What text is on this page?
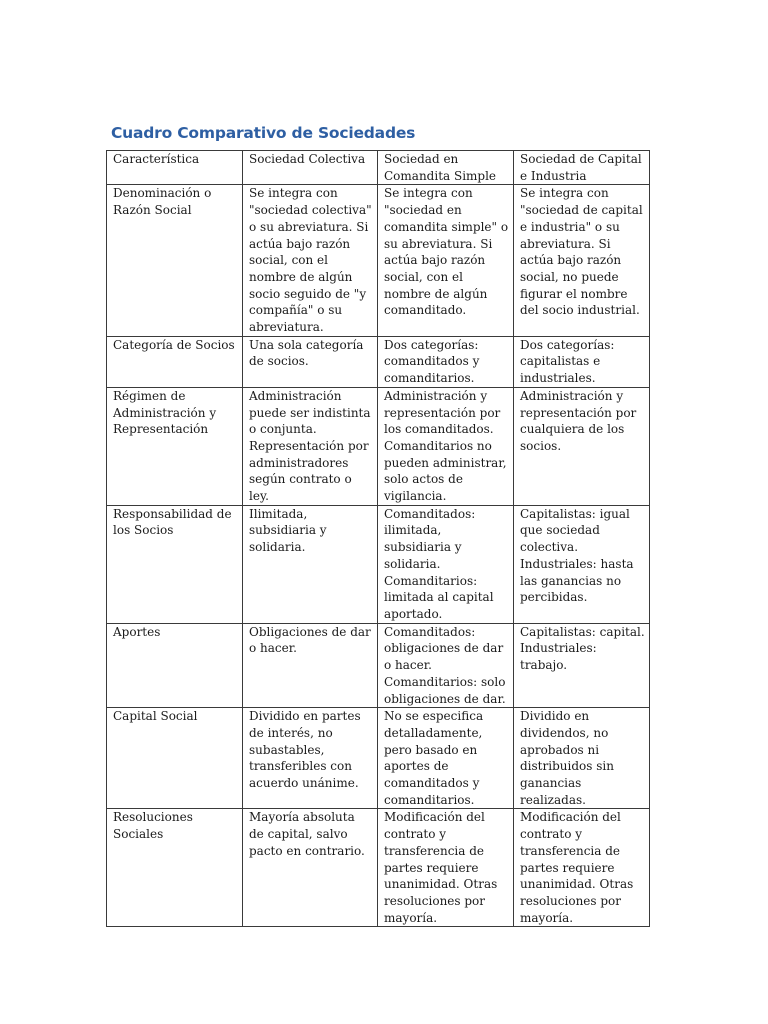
Cuadro Comparativo de Sociedades
Característica	Sociedad Colectiva	Sociedad en Comandita Simple	Sociedad de Capital e Industria
Denominación o Razón Social	Se integra con "sociedad colectiva" o su abreviatura. Si actúa bajo razón social, con el nombre de algún socio seguido de "y compañía" o su abreviatura.	Se integra con "sociedad en comandita simple" o su abreviatura. Si actúa bajo razón social, con el nombre de algún comanditado.	Se integra con "sociedad de capital e industria" o su abreviatura. Si actúa bajo razón social, no puede figurar el nombre del socio industrial.
Categoría de Socios	Una sola categoría de socios.	Dos categorías: comanditados y comanditarios.	Dos categorías: capitalistas e industriales.
Régimen de Administración y Representación	Administración puede ser indistinta o conjunta. Representación por administradores según contrato o ley.	Administración y representación por los comanditados. Comanditarios no pueden administrar, solo actos de vigilancia.	Administración y representación por cualquiera de los socios.
Responsabilidad de los Socios	Ilimitada, subsidiaria y solidaria.	Comanditados: ilimitada, subsidiaria y solidaria. Comanditarios: limitada al capital aportado.	Capitalistas: igual que sociedad colectiva. Industriales: hasta las ganancias no percibidas.
Aportes	Obligaciones de dar o hacer.	Comanditados: obligaciones de dar o hacer. Comanditarios: solo obligaciones de dar.	Capitalistas: capital. Industriales: trabajo.
Capital Social	Dividido en partes de interés, no subastables, transferibles con acuerdo unánime.	No se especifica detalladamente, pero basado en aportes de comanditados y comanditarios.	Dividido en dividendos, no aprobados ni distribuidos sin ganancias realizadas.
Resoluciones Sociales	Mayoría absoluta de capital, salvo pacto en contrario.	Modificación del contrato y transferencia de partes requiere unanimidad. Otras resoluciones por mayoría.	Modificación del contrato y transferencia de partes requiere unanimidad. Otras resoluciones por mayoría.
